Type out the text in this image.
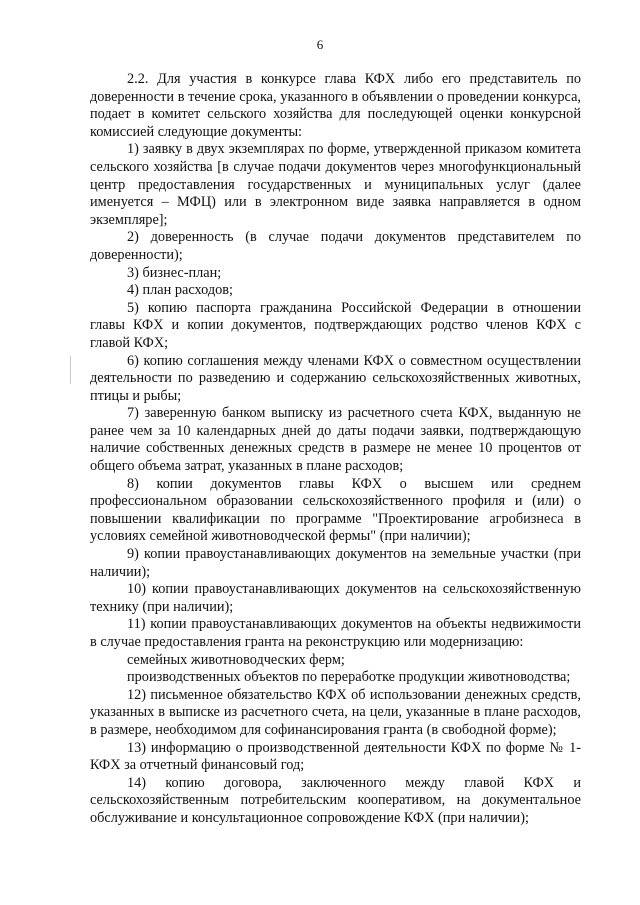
6

2.2. Для участия в конкурсе глава КФХ либо его представитель по доверенности в течение срока, указанного в объявлении о проведении конкурса, подает в комитет сельского хозяйства для последующей оценки конкурсной комиссией следующие документы:

1) заявку в двух экземплярах по форме, утвержденной приказом комитета сельского хозяйства [в случае подачи документов через многофункциональный центр предоставления государственных и муниципальных услуг (далее именуется – МФЦ) или в электронном виде заявка направляется в одном экземпляре];

2) доверенность (в случае подачи документов представителем по доверенности);

3) бизнес-план;

4) план расходов;

5) копию паспорта гражданина Российской Федерации в отношении главы КФХ и копии документов, подтверждающих родство членов КФХ с главой КФХ;

6) копию соглашения между членами КФХ о совместном осуществлении деятельности по разведению и содержанию сельскохозяйственных животных, птицы и рыбы;

7) заверенную банком выписку из расчетного счета КФХ, выданную не ранее чем за 10 календарных дней до даты подачи заявки, подтверждающую наличие собственных денежных средств в размере не менее 10 процентов от общего объема затрат, указанных в плане расходов;

8) копии документов главы КФХ о высшем или среднем профессиональном образовании сельскохозяйственного профиля и (или) о повышении квалификации по программе "Проектирование агробизнеса в условиях семейной животноводческой фермы" (при наличии);

9) копии правоустанавливающих документов на земельные участки (при наличии);

10) копии правоустанавливающих документов на сельскохозяйственную технику (при наличии);

11) копии правоустанавливающих документов на объекты недвижимости в случае предоставления гранта на реконструкцию или модернизацию:

семейных животноводческих ферм;

производственных объектов по переработке продукции животноводства;

12) письменное обязательство КФХ об использовании денежных средств, указанных в выписке из расчетного счета, на цели, указанные в плане расходов, в размере, необходимом для софинансирования гранта (в свободной форме);

13) информацию о производственной деятельности КФХ по форме № 1-КФХ за отчетный финансовый год;

14) копию договора, заключенного между главой КФХ и сельскохозяйственным потребительским кооперативом, на документальное обслуживание и консультационное сопровождение КФХ (при наличии);
